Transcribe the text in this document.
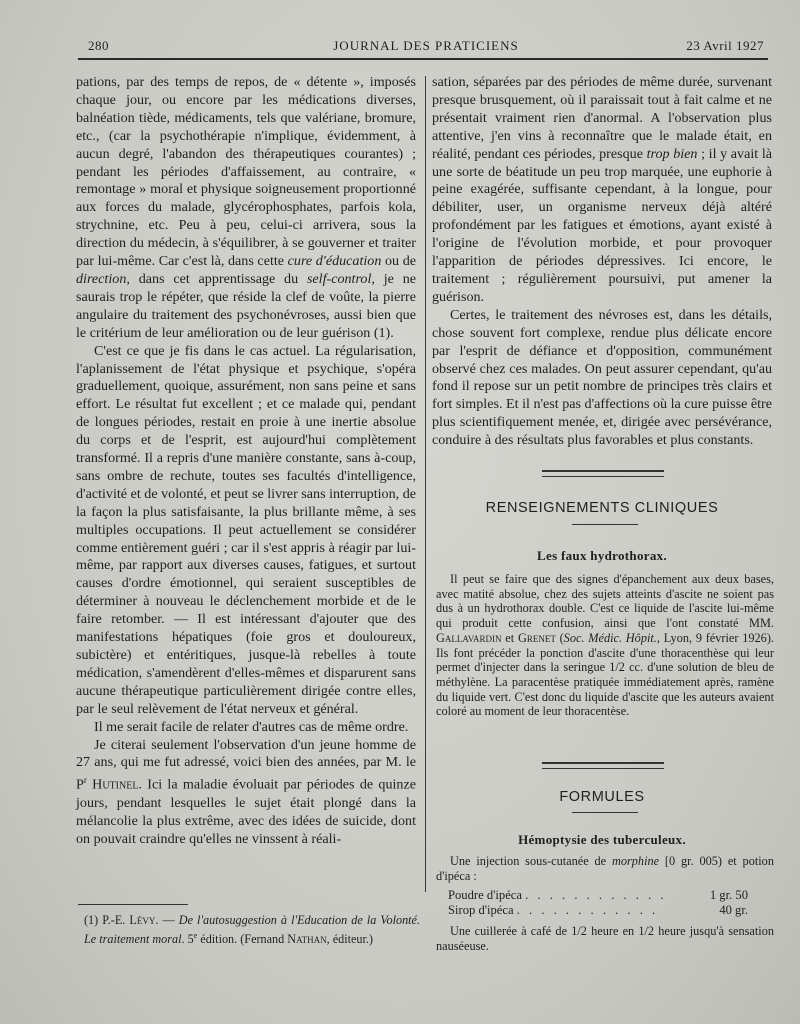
280	JOURNAL DES PRATICIENS	23 Avril 1927

pations, par des temps de repos, de « détente », imposés chaque jour, ou encore par les médications diverses, balnéation tiède, médicaments, tels que valériane, bromure, etc., (car la psychothérapie n'implique, évidemment, à aucun degré, l'abandon des thérapeutiques courantes) ; pendant les périodes d'affaissement, au contraire, « remontage » moral et physique soigneusement proportionné aux forces du malade, glycérophosphates, parfois kola, strychnine, etc. Peu à peu, celui-ci arrivera, sous la direction du médecin, à s'équilibrer, à se gouverner et traiter par lui-même. Car c'est là, dans cette cure d'éducation ou de direction, dans cet apprentissage du self-control, je ne saurais trop le répéter, que réside la clef de voûte, la pierre angulaire du traitement des psychonévroses, aussi bien que le critérium de leur amélioration ou de leur guérison (1).

C'est ce que je fis dans le cas actuel. La régularisation, l'aplanissement de l'état physique et psychique, s'opéra graduellement, quoique, assurément, non sans peine et sans effort. Le résultat fut excellent ; et ce malade qui, pendant de longues périodes, restait en proie à une inertie absolue du corps et de l'esprit, est aujourd'hui complètement transformé. Il a repris d'une manière constante, sans à-coup, sans ombre de rechute, toutes ses facultés d'intelligence, d'activité et de volonté, et peut se livrer sans interruption, de la façon la plus satisfaisante, la plus brillante même, à ses multiples occupations. Il peut actuellement se considérer comme entièrement guéri ; car il s'est appris à réagir par lui-même, par rapport aux diverses causes, fatigues, et surtout causes d'ordre émotionnel, qui seraient susceptibles de déterminer à nouveau le déclenchement morbide et de le faire retomber. — Il est intéressant d'ajouter que des manifestations hépatiques (foie gros et douloureux, subictère) et entéritiques, jusque-là rebelles à toute médication, s'amendèrent d'elles-mêmes et disparurent sans aucune thérapeutique particulièrement dirigée contre elles, par le seul relèvement de l'état nerveux et général.

Il me serait facile de relater d'autres cas de même ordre.

Je citerai seulement l'observation d'un jeune homme de 27 ans, qui me fut adressé, voici bien des années, par M. le $P^r$ Hutinel. Ici la maladie évoluait par périodes de quinze jours, pendant lesquelles le sujet était plongé dans la mélancolie la plus extrême, avec des idées de suicide, dont on pouvait craindre qu'elles ne vinssent à réali-

(1) P.-E. Lévy. — De l'autosuggestion à l'Education de la Volonté. Le traitement moral. 5e édition. (Fernand Nathan, éditeur.)

sation, séparées par des périodes de même durée, survenant presque brusquement, où il paraissait tout à fait calme et ne présentait vraiment rien d'anormal. A l'observation plus attentive, j'en vins à reconnaître que le malade était, en réalité, pendant ces périodes, presque trop bien ; il y avait là une sorte de béatitude un peu trop marquée, une euphorie à peine exagérée, suffisante cependant, à la longue, pour débiliter, user, un organisme nerveux déjà altéré profondément par les fatigues et émotions, ayant existé à l'origine de l'évolution morbide, et pour provoquer l'apparition de périodes dépressives. Ici encore, le traitement ; régulièrement poursuivi, put amener la guérison.

Certes, le traitement des névroses est, dans les détails, chose souvent fort complexe, rendue plus délicate encore par l'esprit de défiance et d'opposition, communément observé chez ces malades. On peut assurer cependant, qu'au fond il repose sur un petit nombre de principes très clairs et fort simples. Et il n'est pas d'affections où la cure puisse être plus scientifiquement menée, et, dirigée avec persévérance, conduire à des résultats plus favorables et plus constants.

RENSEIGNEMENTS CLINIQUES
Les faux hydrothorax.

Il peut se faire que des signes d'épanchement aux deux bases, avec matité absolue, chez des sujets atteints d'ascite ne soient pas dus à un hydrothorax double. C'est ce liquide de l'ascite lui-même qui produit cette confusion, ainsi que l'ont constaté MM. Gallavardin et Grenet (Soc. Médic. Hôpit., Lyon, 9 février 1926). Ils font précéder la ponction d'ascite d'une thoracenthèse qui leur permet d'injecter dans la seringue 1/2 cc. d'une solution de bleu de méthylène. La paracentèse pratiquée immédiatement après, ramène du liquide vert. C'est donc du liquide d'ascite que les auteurs avaient coloré au moment de leur thoracentèse.

FORMULES
Hémoptysie des tuberculeux.

Une injection sous-cutanée de morphine [0 gr. 005) et potion d'ipéca :

Poudre d'ipéca . . . . . . . . . . . .	1 gr. 50
Sirop d'ipéca . . . . . . . . . . . .	40 gr.

Une cuillerée à café de 1/2 heure en 1/2 heure jusqu'à sensation nauséeuse.
